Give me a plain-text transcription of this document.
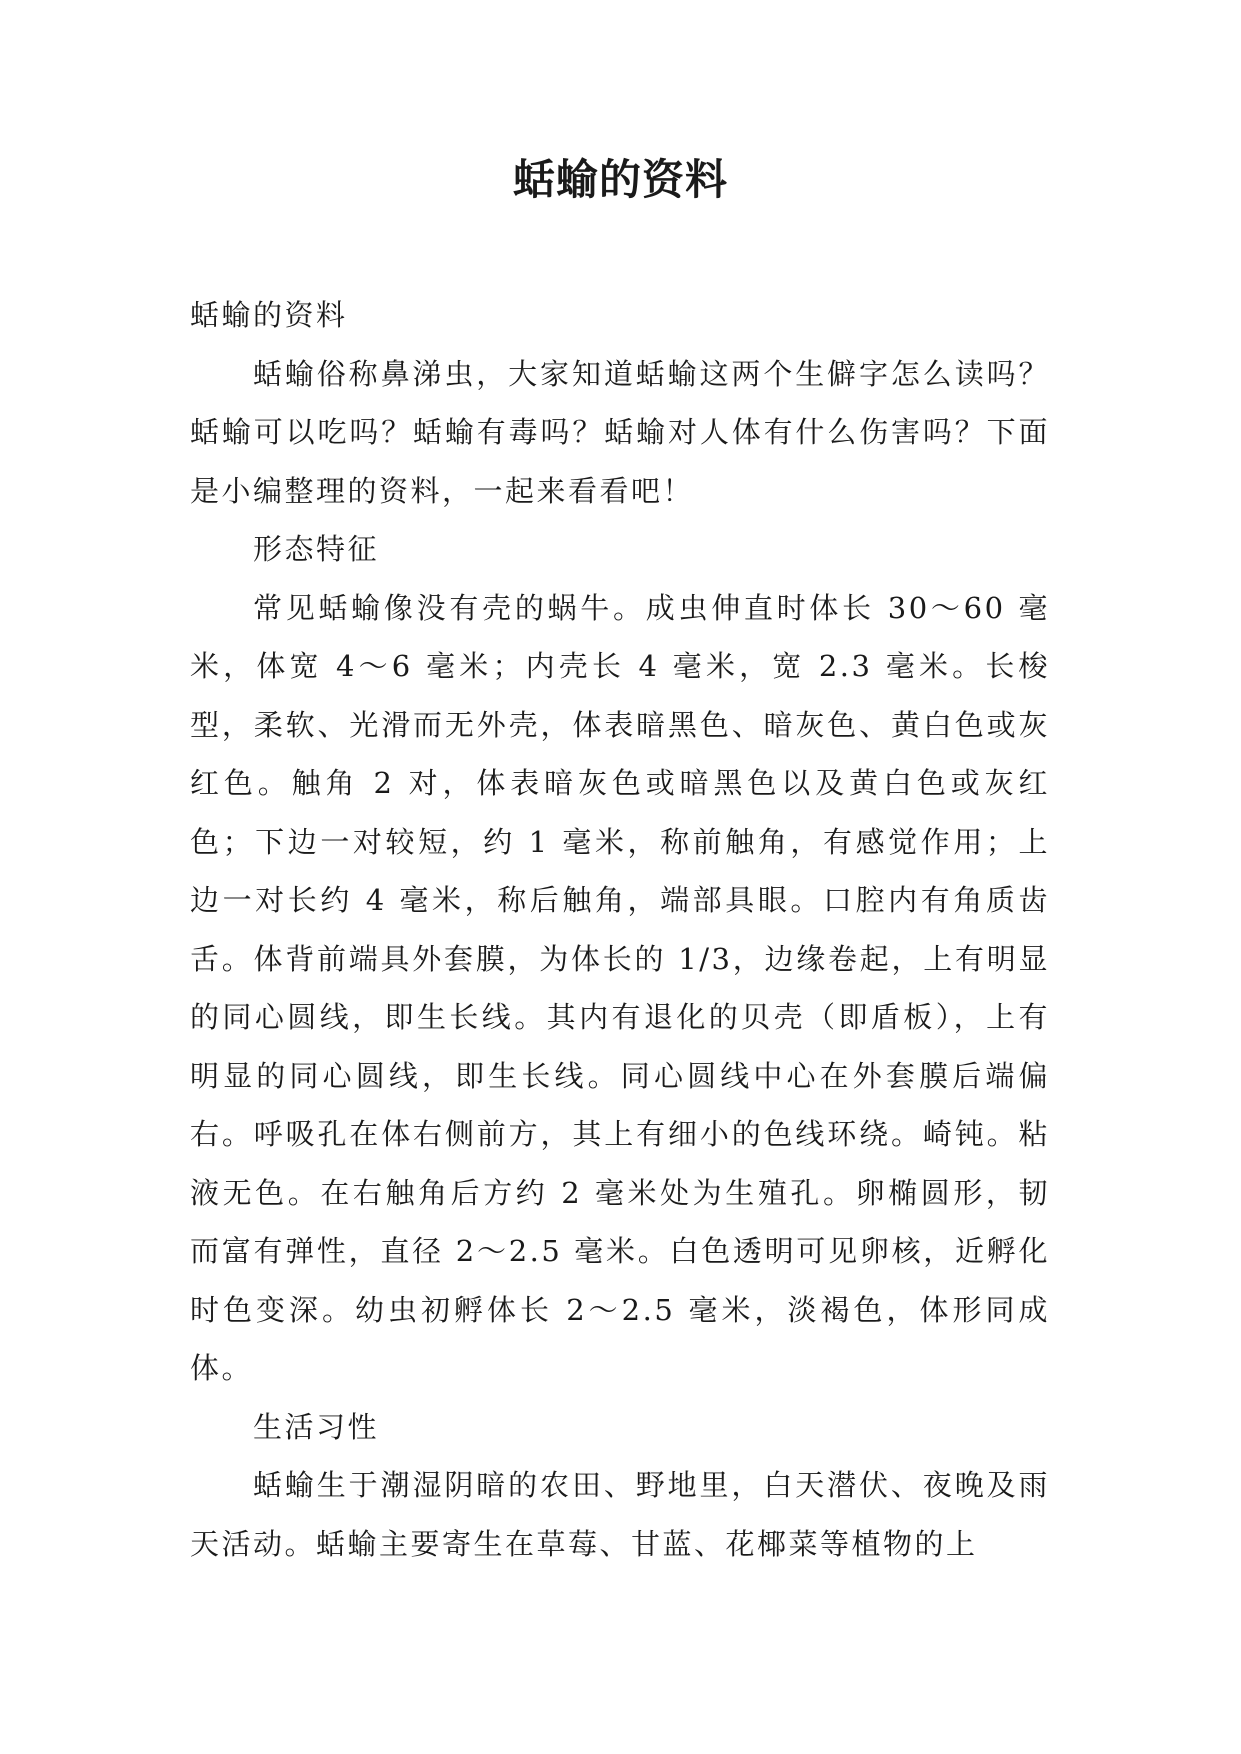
蛞蝓的资料

蛞蝓的资料

蛞蝓俗称鼻涕虫，大家知道蛞蝓这两个生僻字怎么读吗？蛞蝓可以吃吗？蛞蝓有毒吗？蛞蝓对人体有什么伤害吗？下面是小编整理的资料，一起来看看吧！

形态特征

常见蛞蝓像没有壳的蜗牛。成虫伸直时体长 30～60 毫米，体宽 4～6 毫米；内壳长 4 毫米，宽 2.3 毫米。长梭型，柔软、光滑而无外壳，体表暗黑色、暗灰色、黄白色或灰红色。触角 2 对，体表暗灰色或暗黑色以及黄白色或灰红色；下边一对较短，约 1 毫米，称前触角，有感觉作用；上边一对长约 4 毫米，称后触角，端部具眼。口腔内有角质齿舌。体背前端具外套膜，为体长的 1/3，边缘卷起，上有明显的同心圆线，即生长线。其内有退化的贝壳（即盾板），上有明显的同心圆线，即生长线。同心圆线中心在外套膜后端偏右。呼吸孔在体右侧前方，其上有细小的色线环绕。崎钝。粘液无色。在右触角后方约 2 毫米处为生殖孔。卵椭圆形，韧而富有弹性，直径 2～2.5 毫米。白色透明可见卵核，近孵化时色变深。幼虫初孵体长 2～2.5 毫米，淡褐色，体形同成体。

生活习性

蛞蝓生于潮湿阴暗的农田、野地里，白天潜伏、夜晚及雨天活动。蛞蝓主要寄生在草莓、甘蓝、花椰菜等植物的上
